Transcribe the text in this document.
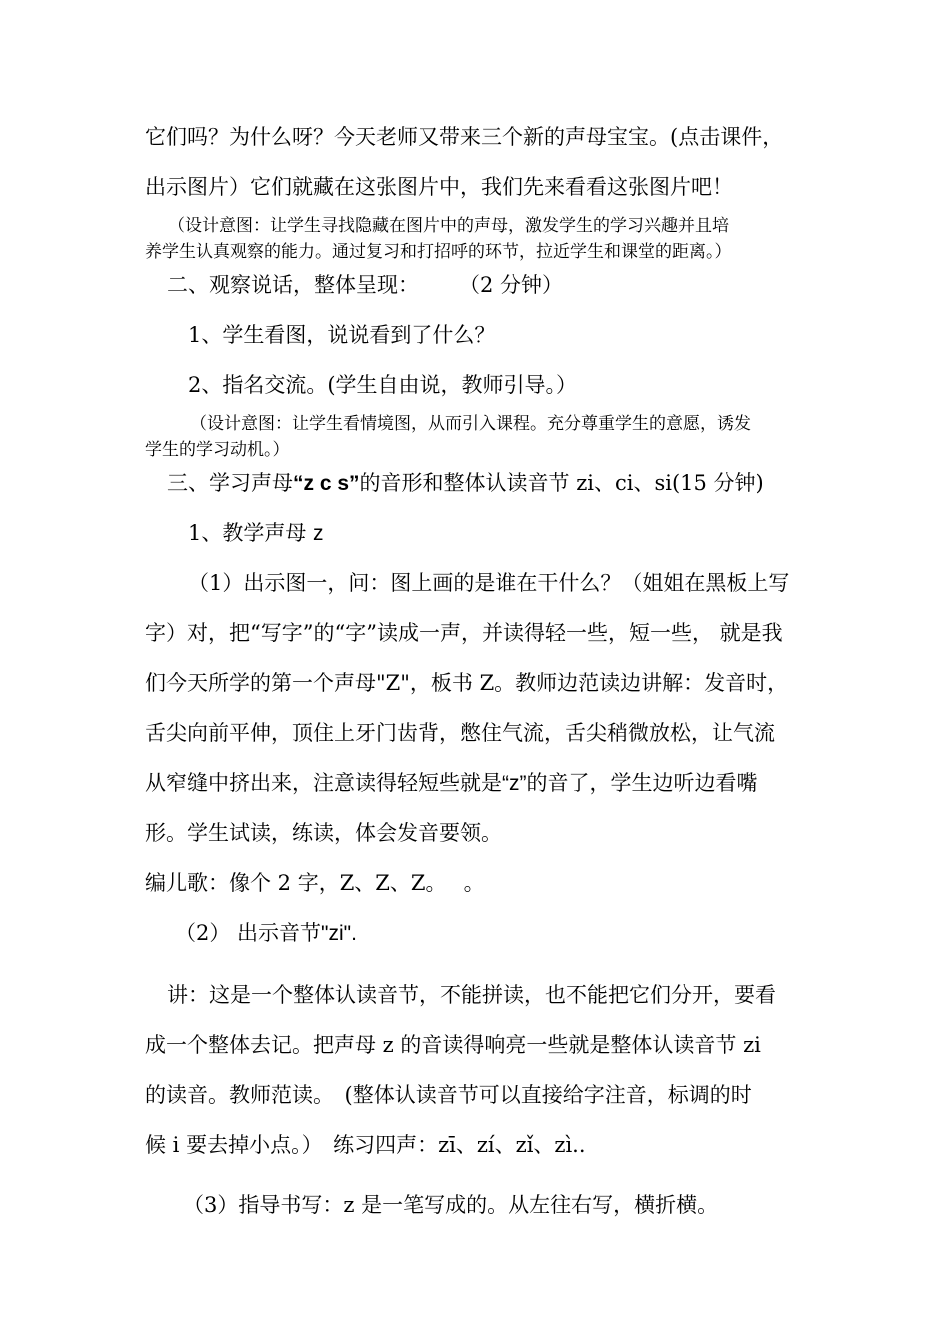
它们吗？为什么呀？今天老师又带来三个新的声母宝宝。(点击课件，
出示图片）它们就藏在这张图片中，我们先来看看这张图片吧！
（设计意图：让学生寻找隐藏在图片中的声母，激发学生的学习兴趣并且培
养学生认真观察的能力。通过复习和打招呼的环节，拉近学生和课堂的距离。）
二、观察说话，整体呈现： （2 分钟）
1、学生看图，说说看到了什么？
2、指名交流。(学生自由说，教师引导。）
（设计意图：让学生看情境图，从而引入课程。充分尊重学生的意愿，诱发
学生的学习动机。）
三、学习声母“z c s”的音形和整体认读音节 zi、ci、si(15 分钟)
1、教学声母 z
（1）出示图一，问：图上画的是谁在干什么？（姐姐在黑板上写
字）对，把“写字”的“字”读成一声，并读得轻一些，短一些， 就是我
们今天所学的第一个声母"Z"，板书 Z。教师边范读边讲解：发音时，
舌尖向前平伸，顶住上牙门齿背，憋住气流，舌尖稍微放松，让气流
从窄缝中挤出来，注意读得轻短些就是“z”的音了，学生边听边看嘴
形。学生试读，练读，体会发音要领。
编儿歌：像个 2 字，Z、Z、Z。　 。
（2） 出示音节"zi".
讲：这是一个整体认读音节，不能拼读，也不能把它们分开，要看
成一个整体去记。把声母 z 的音读得响亮一些就是整体认读音节 zi
的读音。教师范读。　(整体认读音节可以直接给字注音，标调的时
候 i 要去掉小点。）　练习四声：zī、zí、zǐ、zì..
（3）指导书写：z 是一笔写成的。从左往右写，横折横。
